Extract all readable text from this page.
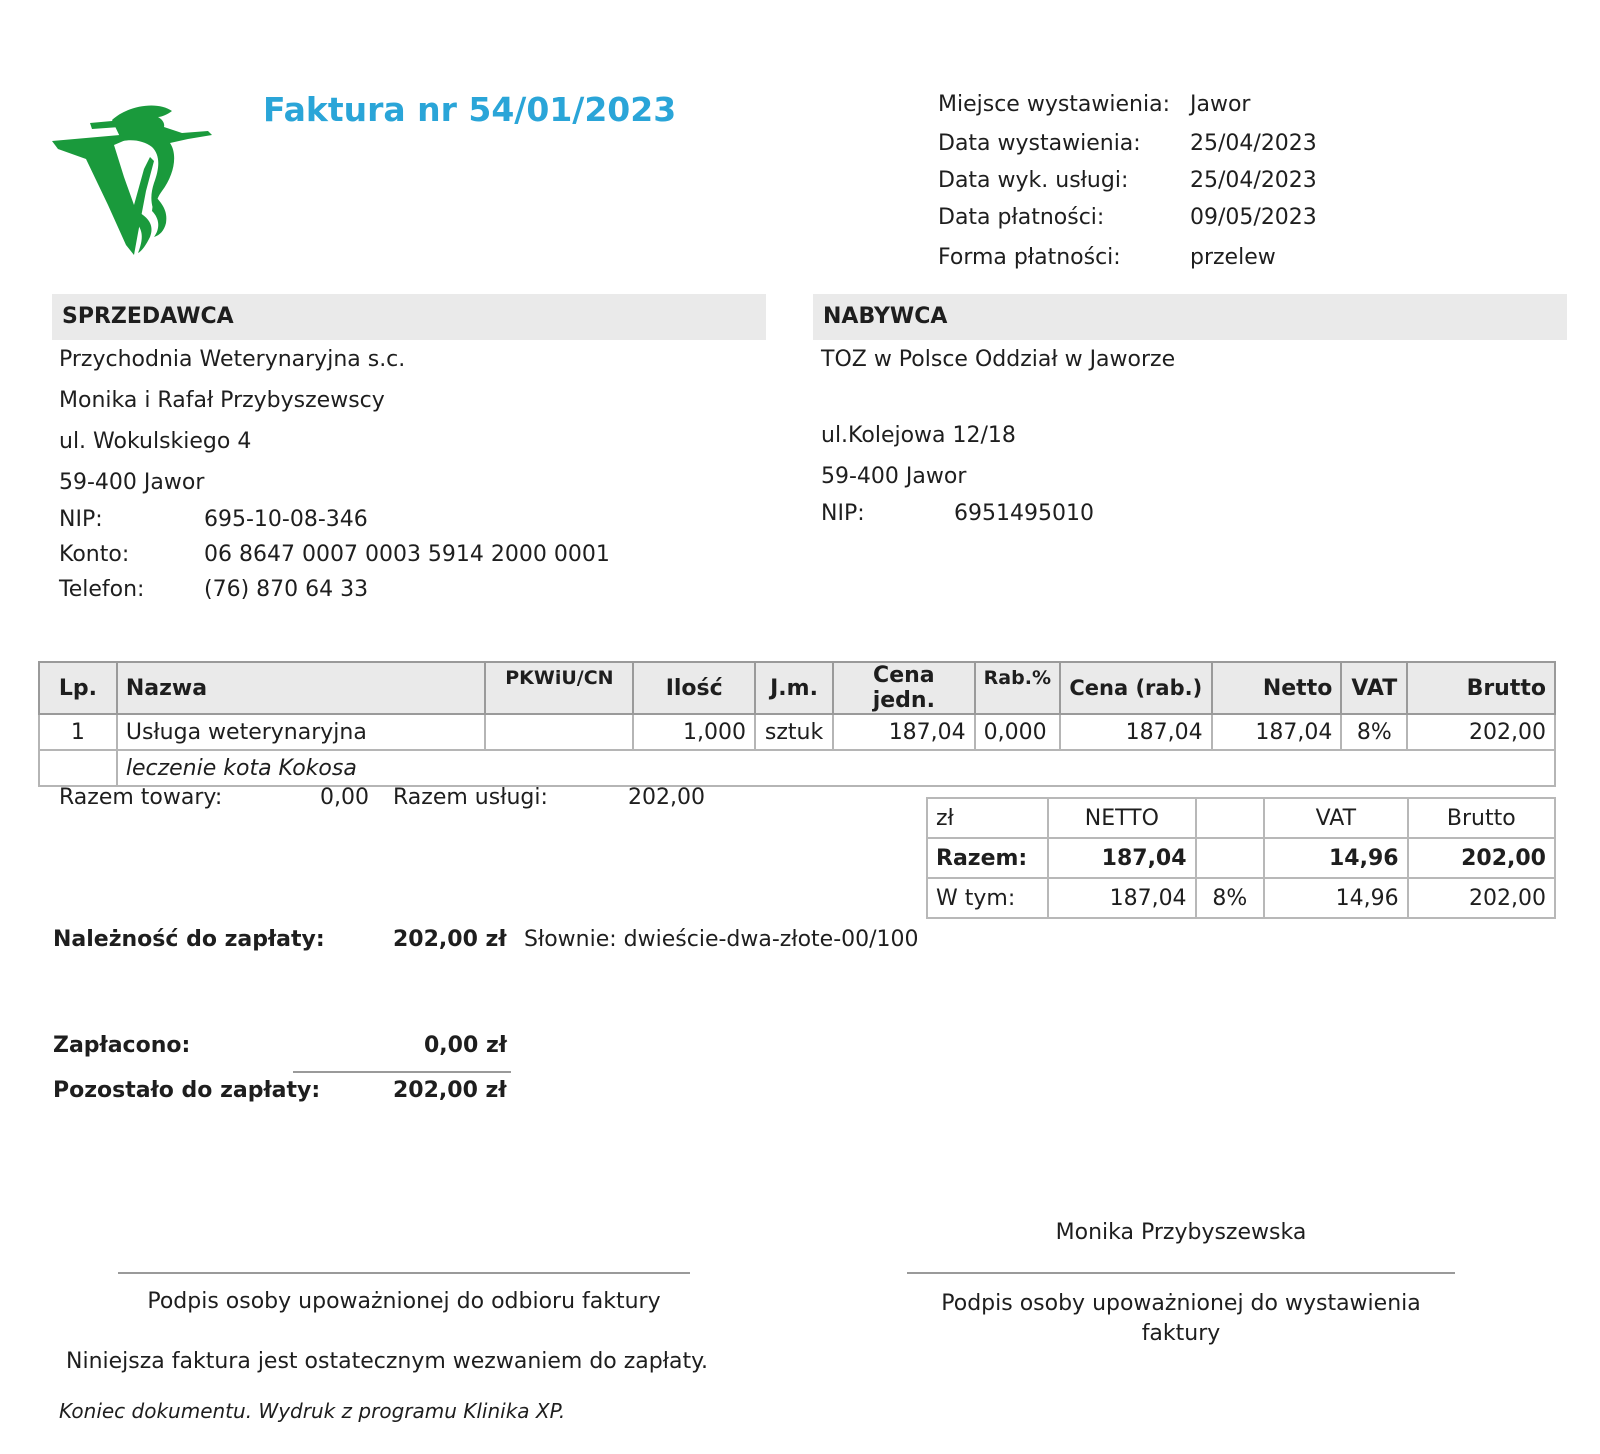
Faktura nr 54/01/2023	Miejsce wystawienia: Jawor
Data wystawienia: 25/04/2023
Data wyk. usługi:	25/04/2023
Data płatności:	09/05/2023
Forma płatności:	przelew
SPRZEDAWCA
Przychodnia Weterynaryjna s.c.
Monika i Rafał Przybyszewscy
ul. Wokulskiego 4
59-400 Jawor
NIP:	695-10-08-346
Konto:	06 8647 0007 0003 5914 2000 0001
Telefon:	(76) 870 64 33
NABYWCA
TOZ w Polsce Oddział w Jaworze
ul.Kolejowa 12/18
59-400 Jawor
NIP:	6951495010
Lp.	Nazwa	PKWiU/CN	Ilość	J.m.	Cena jedn.	Rab.%	Cena (rab.)	Netto	VAT	Brutto
1	Usługa weterynaryjna		1,000	sztuk	187,04	0,000	187,04	187,04	8%	202,00
	leczenie kota Kokosa									
Razem towary:	0,00 Razem usługi:	202,00
zł	NETTO		VAT	Brutto
Razem:	187,04		14,96	202,00
W tym:	187,04	8%	14,96	202,00
Należność do zapłaty:	202,00 zł Słownie: dwieście-dwa-złote-00/100
Zapłacono:	0,00 zł
Pozostało do zapłaty:	202,00 zł
Monika Przybyszewska
Podpis osoby upoważnionej do odbioru faktury	Podpis osoby upoważnionej do wystawienia faktury
Niniejsza faktura jest ostatecznym wezwaniem do zapłaty.
Koniec dokumentu. Wydruk z programu Klinika XP.
